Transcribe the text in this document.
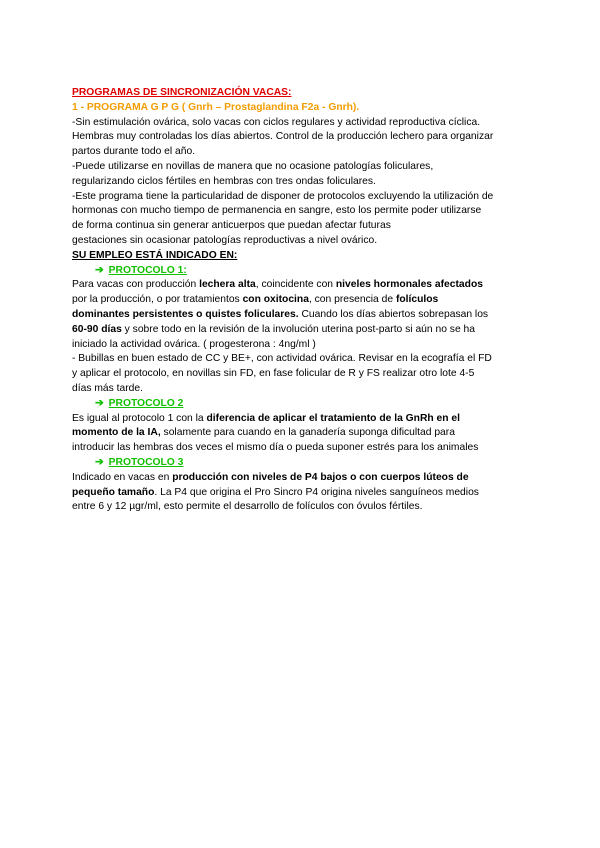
PROGRAMAS DE SINCRONIZACIÓN VACAS:

1 - PROGRAMA G P G ( Gnrh – Prostaglandina F2a - Gnrh).

-Sin estimulación ovárica, solo vacas con ciclos regulares y actividad reproductiva cíclica.

Hembras muy controladas los días abiertos. Control de la producción lechero para organizar

partos durante todo el año.

-Puede utilizarse en novillas de manera que no ocasione patologías foliculares,

regularizando ciclos fértiles en hembras con tres ondas foliculares.

-Este programa tiene la particularidad de disponer de protocolos excluyendo la utilización de

hormonas con mucho tiempo de permanencia en sangre, esto los permite poder utilizarse

de forma continua sin generar anticuerpos que puedan afectar futuras

gestaciones sin ocasionar patologías reproductivas a nivel ovárico.

SU EMPLEO ESTÁ INDICADO EN:

➔ PROTOCOLO 1:

Para vacas con producción lechera alta, coincidente con niveles hormonales afectados

por la producción, o por tratamientos con oxitocina, con presencia de folículos

dominantes persistentes o quistes foliculares. Cuando los días abiertos sobrepasan los

60-90 días y sobre todo en la revisión de la involución uterina post-parto si aún no se ha

iniciado la actividad ovárica. ( progesterona : 4ng/ml )

- Bubillas en buen estado de CC y BE+, con actividad ovárica. Revisar en la ecografía el FD

y aplicar el protocolo, en novillas sin FD, en fase folicular de R y FS realizar otro lote 4-5

días más tarde.

➔ PROTOCOLO 2

Es igual al protocolo 1 con la diferencia de aplicar el tratamiento de la GnRh en el

momento de la IA, solamente para cuando en la ganadería suponga dificultad para

introducir las hembras dos veces el mismo día o pueda suponer estrés para los animales

➔ PROTOCOLO 3

Indicado en vacas en producción con niveles de P4 bajos o con cuerpos lúteos de

pequeño tamaño. La P4 que origina el Pro Sincro P4 origina niveles sanguíneos medios

entre 6 y 12 µgr/ml, esto permite el desarrollo de folículos con óvulos fértiles.
